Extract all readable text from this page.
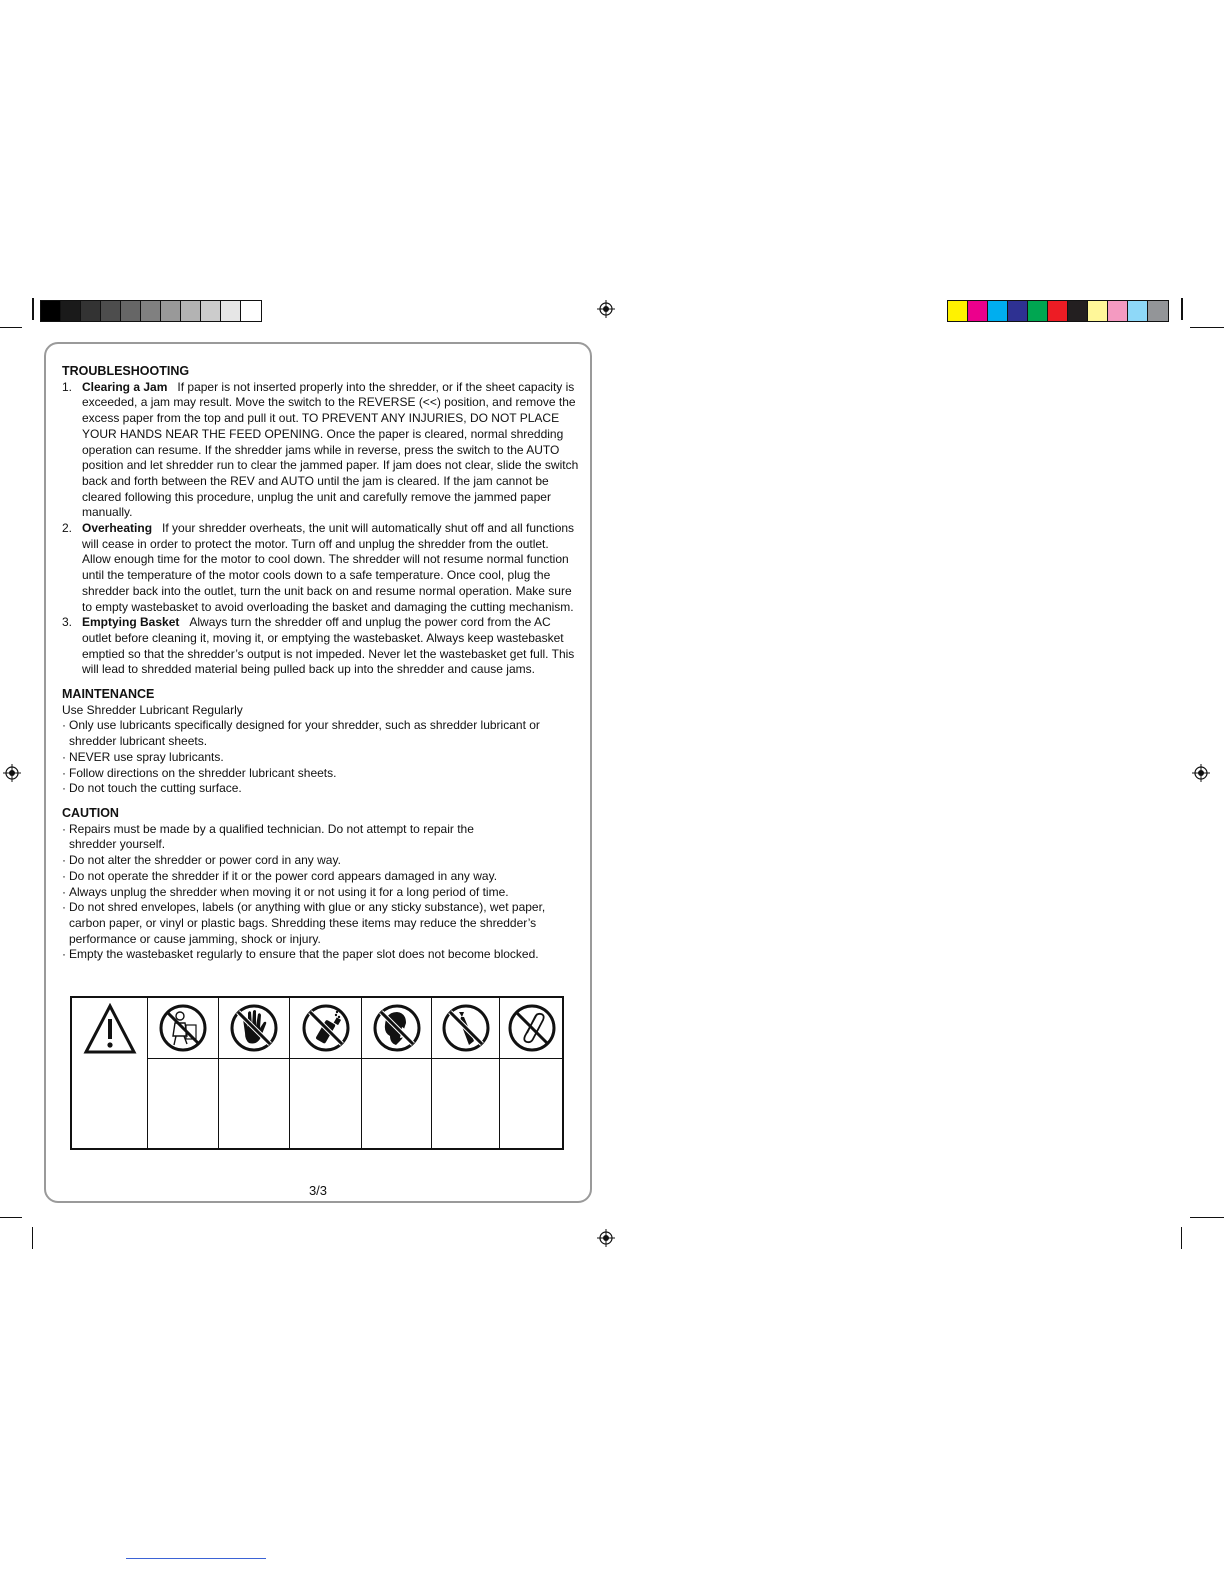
TROUBLESHOOTING

1. Clearing a Jam If paper is not inserted properly into the shredder, or if the sheet capacity is exceeded, a jam may result. Move the switch to the REVERSE (<<) position, and remove the excess paper from the top and pull it out. TO PREVENT ANY INJURIES, DO NOT PLACE YOUR HANDS NEAR THE FEED OPENING. Once the paper is cleared, normal shredding operation can resume. If the shredder jams while in reverse, press the switch to the AUTO position and let shredder run to clear the jammed paper. If jam does not clear, slide the switch back and forth between the REV and AUTO until the jam is cleared. If the jam cannot be cleared following this procedure, unplug the unit and carefully remove the jammed paper manually.
2. Overheating If your shredder overheats, the unit will automatically shut off and all functions will cease in order to protect the motor. Turn off and unplug the shredder from the outlet. Allow enough time for the motor to cool down. The shredder will not resume normal function until the temperature of the motor cools down to a safe temperature. Once cool, plug the shredder back into the outlet, turn the unit back on and resume normal operation. Make sure to empty wastebasket to avoid overloading the basket and damaging the cutting mechanism.
3. Emptying Basket Always turn the shredder off and unplug the power cord from the AC outlet before cleaning it, moving it, or emptying the wastebasket. Always keep wastebasket emptied so that the shredder’s output is not impeded. Never let the wastebasket get full. This will lead to shredded material being pulled back up into the shredder and cause jams.

MAINTENANCE

Use Shredder Lubricant Regularly
· Only use lubricants specifically designed for your shredder, such as shredder lubricant or shredder lubricant sheets.
· NEVER use spray lubricants.
· Follow directions on the shredder lubricant sheets.
· Do not touch the cutting surface.

CAUTION

· Repairs must be made by a qualified technician. Do not attempt to repair the shredder yourself.
· Do not alter the shredder or power cord in any way.
· Do not operate the shredder if it or the power cord appears damaged in any way.
· Always unplug the shredder when moving it or not using it for a long period of time.
· Do not shred envelopes, labels (or anything with glue or any sticky substance), wet paper, carbon paper, or vinyl or plastic bags. Shredding these items may reduce the shredder’s performance or cause jamming, shock or injury.
· Empty the wastebasket regularly to ensure that the paper slot does not become blocked.
3/3
